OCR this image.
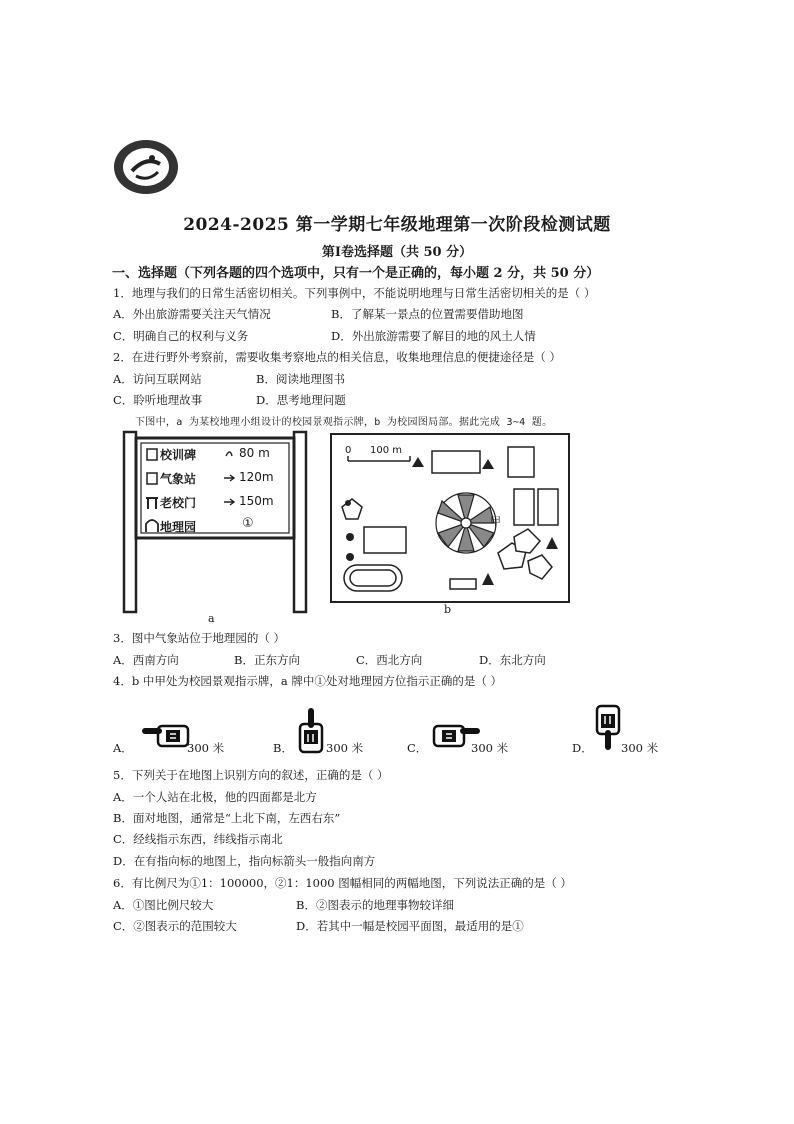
2024-2025 第一学期七年级地理第一次阶段检测试题
第Ⅰ卷选择题（共 50 分）
一、选择题（下列各题的四个选项中，只有一个是正确的，每小题 2 分，共 50 分）
1．地理与我们的日常生活密切相关。下列事例中，不能说明地理与日常生活密切相关的是（ ）
A．外出旅游需要关注天气情况	B．了解某一景点的位置需要借助地图
C．明确自己的权利与义务	D．外出旅游需要了解目的地的风土人情
2．在进行野外考察前，需要收集考察地点的相关信息，收集地理信息的便捷途径是（ ）
A．访问互联网站	B．阅读地理图书
C．聆听地理故事	D．思考地理问题
下图中，a 为某校地理小组设计的校园景观指示牌，b 为校园图局部。据此完成 3~4 题。
校训碑	80 m
气象站	120m
老校门	150m
地理园	①
a
0 100 m
甲
b
3．图中气象站位于地理园的（ ）
A．西南方向	B．正东方向	C．西北方向	D．东北方向
4．b 中甲处为校园景观指示牌，a 牌中①处对地理园方位指示正确的是（ ）
A．	300 米	B．	300 米	C．	300 米	D． 300 米
5．下列关于在地图上识别方向的叙述，正确的是（ ）
A．一个人站在北极，他的四面都是北方
B．面对地图，通常是“上北下南，左西右东”
C．经线指示东西，纬线指示南北
D．在有指向标的地图上，指向标箭头一般指向南方
6．有比例尺为①1：100000，②1：1000 图幅相同的两幅地图，下列说法正确的是（ ）
A．①图比例尺较大	B．②图表示的地理事物较详细
C．②图表示的范围较大	D．若其中一幅是校园平面图，最适用的是①
